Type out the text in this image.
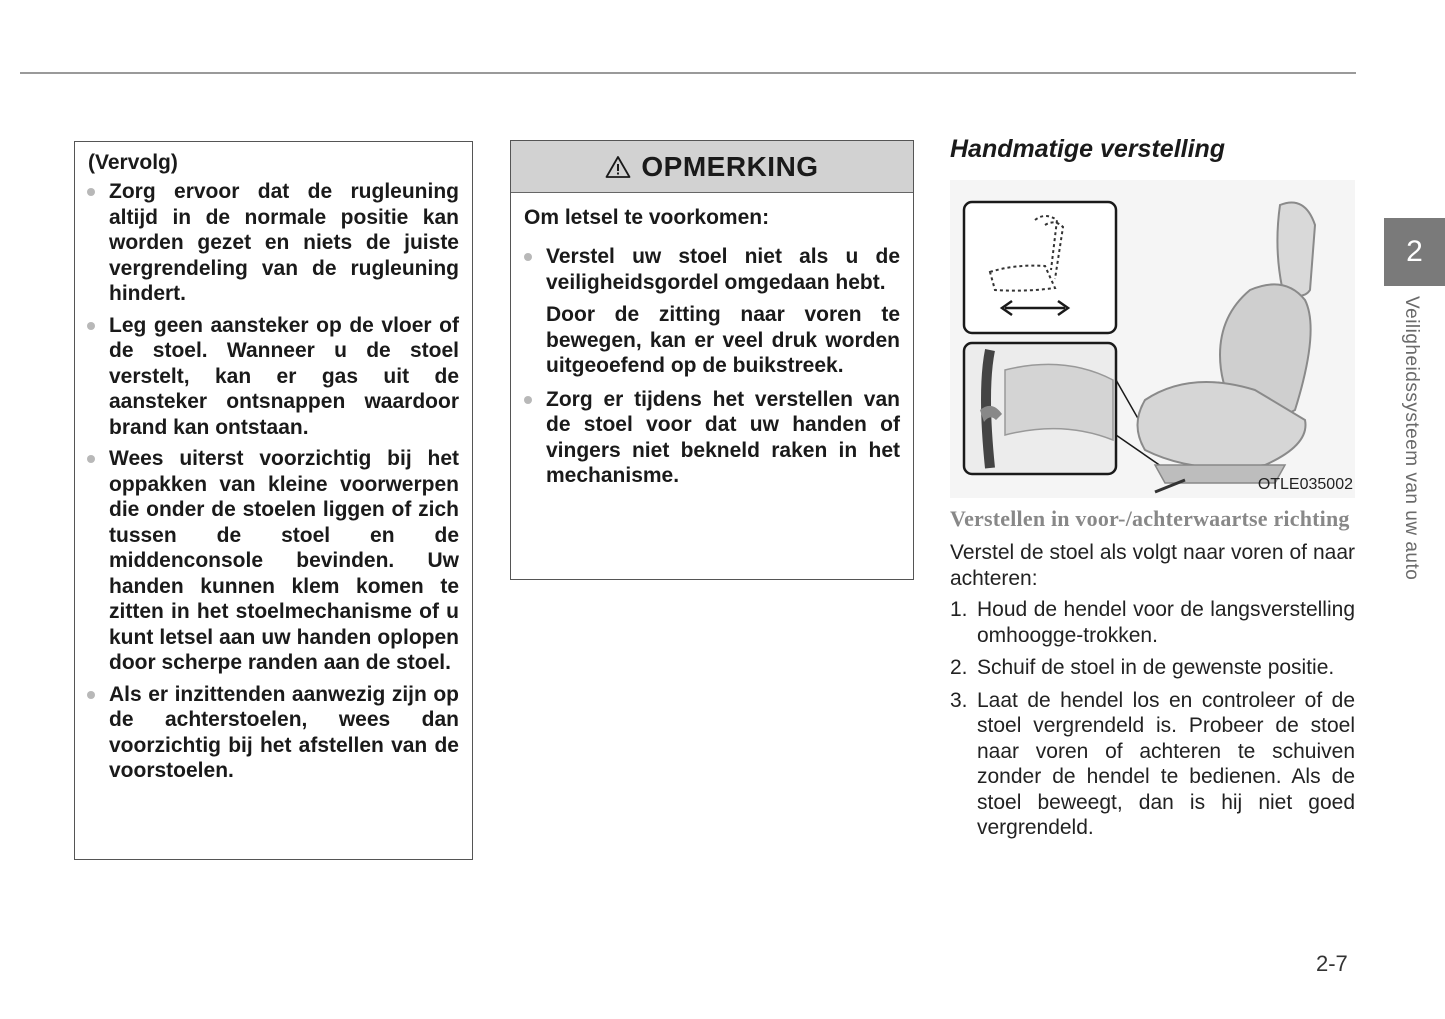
(Vervolg)
Zorg ervoor dat de rugleuning altijd in de normale positie kan worden gezet en niets de juiste vergrendeling van de rugleuning hindert.
Leg geen aansteker op de vloer of de stoel. Wanneer u de stoel verstelt, kan er gas uit de aansteker ontsnappen waardoor brand kan ontstaan.
Wees uiterst voorzichtig bij het oppakken van kleine voorwerpen die onder de stoelen liggen of zich tussen de stoel en de middenconsole bevinden. Uw handen kunnen klem komen te zitten in het stoelmechanisme of u kunt letsel aan uw handen oplopen door scherpe randen aan de stoel.
Als er inzittenden aanwezig zijn op de achterstoelen, wees dan voorzichtig bij het afstellen van de voorstoelen.
OPMERKING

Om letsel te voorkomen:

Verstel uw stoel niet als u de veiligheidsgordel omgedaan hebt.

Door de zitting naar voren te bewegen, kan er veel druk worden uitgeoefend op de buikstreek.

Zorg er tijdens het verstellen van de stoel voor dat uw handen of vingers niet bekneld raken in het mechanisme.

Handmatige verstelling
OTLE035002
Verstellen in voor-/achterwaartse richting

Verstel de stoel als volgt naar voren of naar achteren:

1. Houd de hendel voor de langsverstelling omhoogge-trokken.
2. Schuif de stoel in de gewenste positie.
3. Laat de hendel los en controleer of de stoel vergrendeld is. Probeer de stoel naar voren of achteren te schuiven zonder de hendel te bedienen. Als de stoel beweegt, dan is hij niet goed vergrendeld.
2
Veiligheidssysteem van uw auto
2-7
